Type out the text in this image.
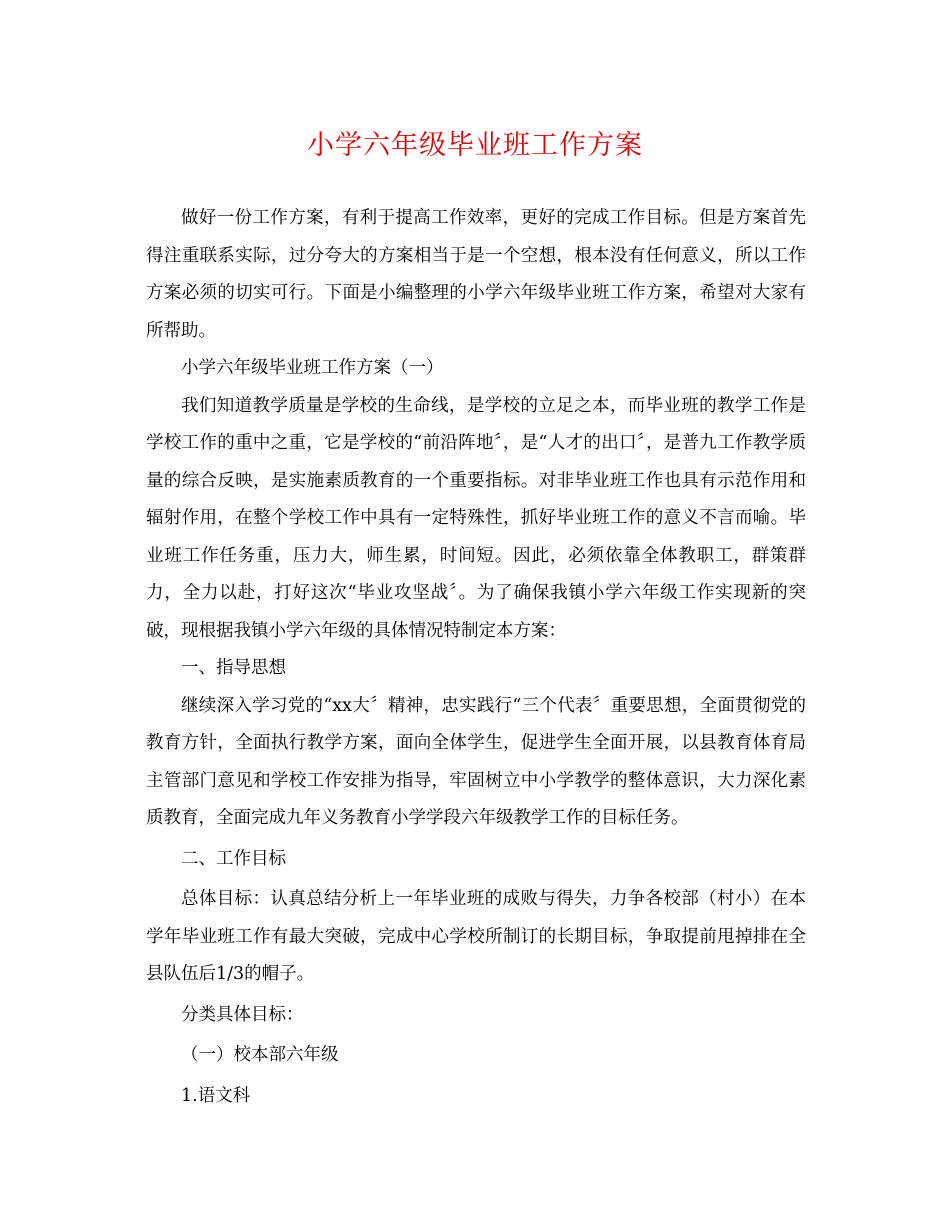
小学六年级毕业班工作方案

做好一份工作方案，有利于提高工作效率，更好的完成工作目标。但是方案首先得注重联系实际，过分夸大的方案相当于是一个空想，根本没有任何意义，所以工作方案必须的切实可行。下面是小编整理的小学六年级毕业班工作方案，希望对大家有所帮助。

小学六年级毕业班工作方案（一）

我们知道教学质量是学校的生命线，是学校的立足之本，而毕业班的教学工作是学校工作的重中之重，它是学校的“前沿阵地〞，是“人才的出口〞，是普九工作教学质量的综合反映，是实施素质教育的一个重要指标。对非毕业班工作也具有示范作用和辐射作用，在整个学校工作中具有一定特殊性，抓好毕业班工作的意义不言而喻。毕业班工作任务重，压力大，师生累，时间短。因此，必须依靠全体教职工，群策群力，全力以赴，打好这次“毕业攻坚战〞。为了确保我镇小学六年级工作实现新的突破，现根据我镇小学六年级的具体情况特制定本方案：

一、指导思想

继续深入学习党的“xx大〞精神，忠实践行“三个代表〞重要思想，全面贯彻党的教育方针，全面执行教学方案，面向全体学生，促进学生全面开展，以县教育体育局主管部门意见和学校工作安排为指导，牢固树立中小学教学的整体意识，大力深化素质教育，全面完成九年义务教育小学学段六年级教学工作的目标任务。

二、工作目标

总体目标：认真总结分析上一年毕业班的成败与得失，力争各校部（村小）在本学年毕业班工作有最大突破，完成中心学校所制订的长期目标，争取提前甩掉排在全县队伍后1/3的帽子。

分类具体目标：

（一）校本部六年级

1.语文科
